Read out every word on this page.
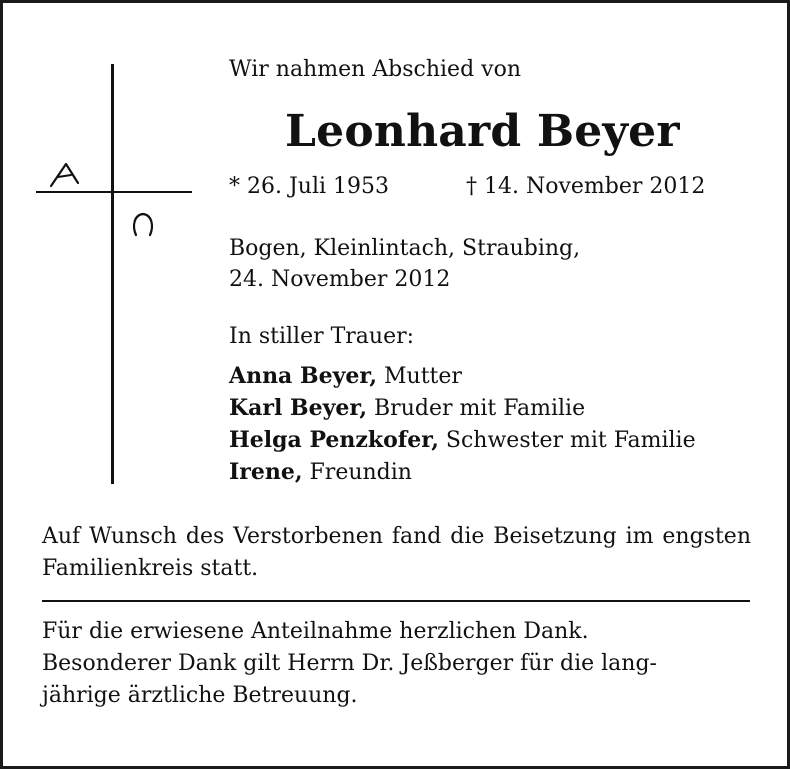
Wir nahmen Abschied von
Leonhard Beyer
* 26. Juli 1953	† 14. November 2012
Bogen, Kleinlintach, Straubing,
24. November 2012
In stiller Trauer:
Anna Beyer, Mutter
Karl Beyer, Bruder mit Familie
Helga Penzkofer, Schwester mit Familie
Irene, Freundin
Auf Wunsch des Verstorbenen fand die Beisetzung im engsten Familienkreis statt.
Für die erwiesene Anteilnahme herzlichen Dank.
Besonderer Dank gilt Herrn Dr. Jeßberger für die lang-
jährige ärztliche Betreuung.
